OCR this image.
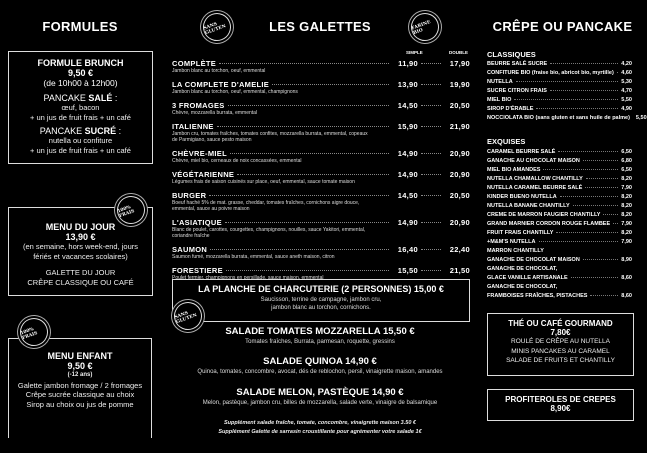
FORMULES
FORMULE BRUNCH
9,50 €
(de 10h00 à 12h00)
PANCAKE SALÉ :
œuf, bacon
+ un jus de fruit frais + un café
PANCAKE SUCRÉ :
nutella ou confiture
+ un jus de fruit frais + un café
MENU DU JOUR
13,90 €
(en semaine, hors week-end, jours fériés et vacances scolaires)
GALETTE DU JOUR
CRÊPE CLASSIQUE OU CAFÉ
100% FRAIS
MENU ENFANT
9,50 €
(-12 ans)
Galette jambon fromage / 2 fromages
Crêpe sucrée classique au choix
Sirop au choix ou jus de pomme
100% FRAIS
LES GALETTES
SANS GLUTEN	FARINE BIO
SIMPLE	DOUBLE
COMPLÈTE	11,90	17,90
Jambon blanc au torchon, oeuf, emmental
LA COMPLETE D'AMELIE	13,90	19,90
Jambon blanc au torchon, oeuf, emmental, champignons
3 FROMAGES	14,50	20,50
Chèvre, mozzarella burrata, emmental
ITALIENNE	15,90	21,90
Jambon cru, tomates fraîches, tomates confites, mozzarella burrata, emmental, copeaux de Parmigiano, sauce pesto maison
CHÈVRE-MIEL	14,90	20,90
Chèvre, miel bio, cerneaux de noix concassées, emmental
VÉGÉTARIENNE	14,90	20,90
Légumes frais de saison cuisinés sur place, oeuf, emmental, sauce tomate maison
BURGER	14,50	20,50
Boeuf haché 5% de mat. grasse, cheddar, tomates fraîches, cornichons aigre douce, emmental, sauce au poivre maison
L'ASIATIQUE	14,90	20,90
Blanc de poulet, carottes, courgettes, champignons, nouilles, sauce Yakitori, emmental, coriandre fraîche
SAUMON	16,40	22,40
Saumon fumé, mozzarella burrata, emmental, sauce aneth maison, citron
FORESTIERE	15,50	21,50
Poulet fermier, champignons en persillade, sauce maison, emmental
LA PLANCHE DE CHARCUTERIE (2 PERSONNES) 15,00 €
Saucisson, terrine de campagne, jambon cru,
jambon blanc au torchon, cornichons.
SANS GLUTEN
SALADE TOMATES MOZZARELLA 15,50 €
Tomates fraîches, Burrata, parmesan, roquette, gressins
SALADE QUINOA 14,90 €
Quinoa, tomates, concombre, avocat, dés de reblochon, persil, vinaigrette maison, amandes
SALADE MELON, PASTÈQUE 14,90 €
Melon, pastèque, jambon cru, billes de mozzarella, salade verte, vinaigre de balsamique
Supplément salade fraîche, tomate, concombre, vinaigrette maison 3.50 €
Supplément Galette de sarrasin croustillante pour agrémenter votre salade 1€
CRÊPE OU PANCAKE
CLASSIQUES
BEURRE SALÉ SUCRE	4,20
CONFITURE BIO (fraise bio, abricot bio, myrtille) 4,60
NUTELLA	5,30
SUCRE CITRON FRAIS	4,70
MIEL BIO	5,50
SIROP D'ÉRABLE	4,90
NOCCIOLATA BIO (sans gluten et sans huile de palme) 5,50
EXQUISES
CARAMEL BEURRE SALÉ	6,50
GANACHE AU CHOCOLAT MAISON	6,80
MIEL BIO AMANDES	6,50
NUTELLA CHAMALLOW CHANTILLY	8,20
NUTELLA CARAMEL BEURRE SALÉ	7,90
KINDER BUENO NUTELLA	8,20
NUTELLA BANANE CHANTILLY	8,20
CREME DE MARRON FAUGIER CHANTILLY	8,20
GRAND MARNIER CORDON ROUGE FLAMBEE 7,90
FRUIT FRAIS CHANTILLY	8,20
+M&M'S NUTELLA	7,90
MARRON CHANTILLY
GANACHE DE CHOCOLAT MAISON	8,90
GANACHE DE CHOCOLAT,
GLACE VANILLE ARTISANALE	8,60
GANACHE DE CHOCOLAT,
FRAMBOISES FRAÎCHES, PISTACHES	8,60
THÉ OU CAFÉ GOURMAND
7,80€
ROULÉ DE CRÊPE AU NUTELLA
MINIS PANCAKES AU CARAMEL
SALADE DE FRUITS ET CHANTILLY
PROFITEROLES DE CREPES
8,90€
